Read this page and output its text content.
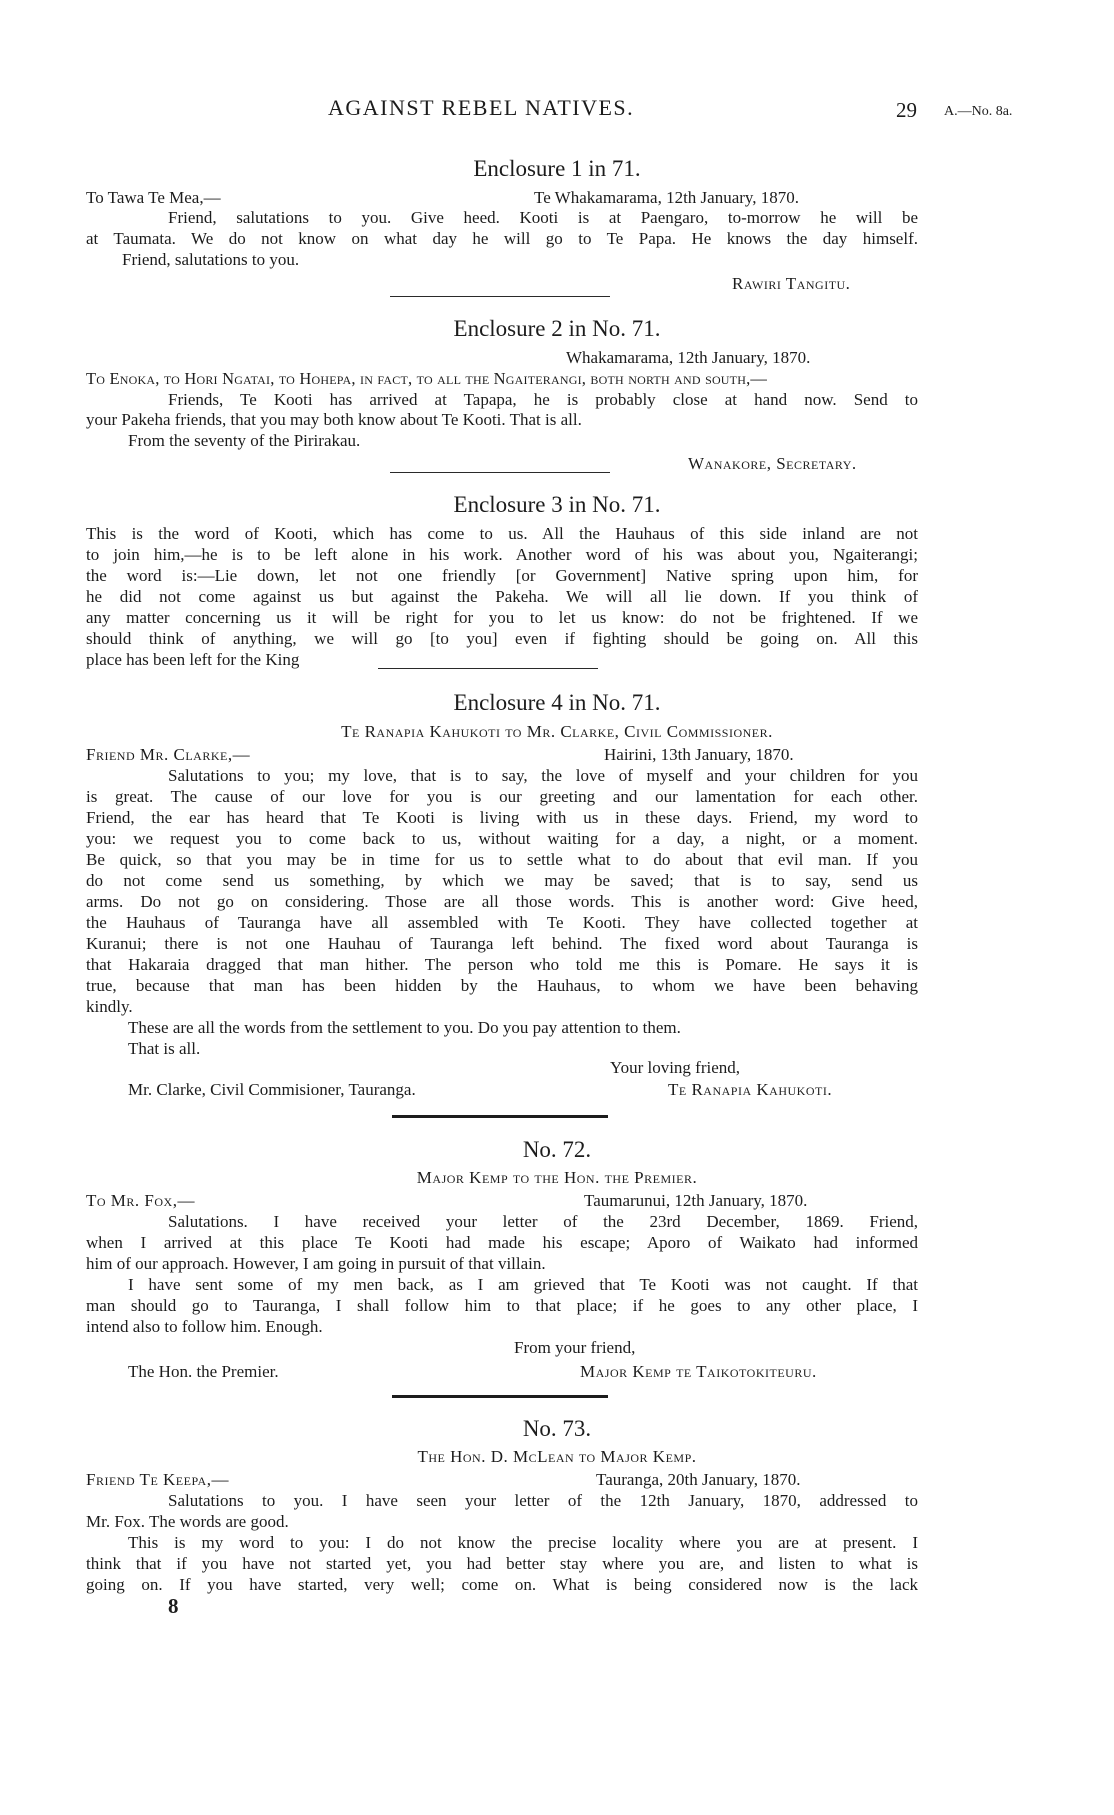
AGAINST REBEL NATIVES.	29 A.—No. 8a.
Enclosure 1 in 71.
To Tawa Te Mea,—	Te Whakamarama, 12th January, 1870.
Friend, salutations to you. Give heed. Kooti is at Paengaro, to-morrow he will be
at Taumata. We do not know on what day he will go to Te Papa. He knows the day himself.
Friend, salutations to you.
Rawiri Tangitu.
Enclosure 2 in No. 71.
Whakamarama, 12th January, 1870.
To Enoka, to Hori Ngatai, to Hohepa, in fact, to all the Ngaiterangi, both north and south,—
Friends, Te Kooti has arrived at Tapapa, he is probably close at hand now. Send to
your Pakeha friends, that you may both know about Te Kooti. That is all.
From the seventy of the Pirirakau.
Wanakore, Secretary.
Enclosure 3 in No. 71.
This is the word of Kooti, which has come to us. All the Hauhaus of this side inland are not
to join him,—he is to be left alone in his work. Another word of his was about you, Ngaiterangi;
the word is:—Lie down, let not one friendly [or Government] Native spring upon him, for
he did not come against us but against the Pakeha. We will all lie down. If you think of
any matter concerning us it will be right for you to let us know: do not be frightened. If we
should think of anything, we will go [to you] even if fighting should be going on. All this
place has been left for the King
Enclosure 4 in No. 71.
Te Ranapia Kahukoti to Mr. Clarke, Civil Commissioner.
Friend Mr. Clarke,—	Hairini, 13th January, 1870.
Salutations to you; my love, that is to say, the love of myself and your children for you
is great. The cause of our love for you is our greeting and our lamentation for each other.
Friend, the ear has heard that Te Kooti is living with us in these days. Friend, my word to
you: we request you to come back to us, without waiting for a day, a night, or a moment.
Be quick, so that you may be in time for us to settle what to do about that evil man. If you
do not come send us something, by which we may be saved; that is to say, send us
arms. Do not go on considering. Those are all those words. This is another word: Give heed,
the Hauhaus of Tauranga have all assembled with Te Kooti. They have collected together at
Kuranui; there is not one Hauhau of Tauranga left behind. The fixed word about Tauranga is
that Hakaraia dragged that man hither. The person who told me this is Pomare. He says it is
true, because that man has been hidden by the Hauhaus, to whom we have been behaving
kindly.
These are all the words from the settlement to you. Do you pay attention to them.
That is all.
Your loving friend,
Mr. Clarke, Civil Commisioner, Tauranga.	Te Ranapia Kahukoti.
No. 72.
Major Kemp to the Hon. the Premier.
To Mr. Fox,—	Taumarunui, 12th January, 1870.
Salutations. I have received your letter of the 23rd December, 1869. Friend,
when I arrived at this place Te Kooti had made his escape; Aporo of Waikato had informed
him of our approach. However, I am going in pursuit of that villain.
I have sent some of my men back, as I am grieved that Te Kooti was not caught. If that
man should go to Tauranga, I shall follow him to that place; if he goes to any other place, I
intend also to follow him. Enough.
From your friend,
The Hon. the Premier.	Major Kemp te Taikotokiteuru.
No. 73.
The Hon. D. McLean to Major Kemp.
Friend Te Keepa,—	Tauranga, 20th January, 1870.
Salutations to you. I have seen your letter of the 12th January, 1870, addressed to
Mr. Fox. The words are good.
This is my word to you: I do not know the precise locality where you are at present. I
think that if you have not started yet, you had better stay where you are, and listen to what is
going on. If you have started, very well; come on. What is being considered now is the lack
8
